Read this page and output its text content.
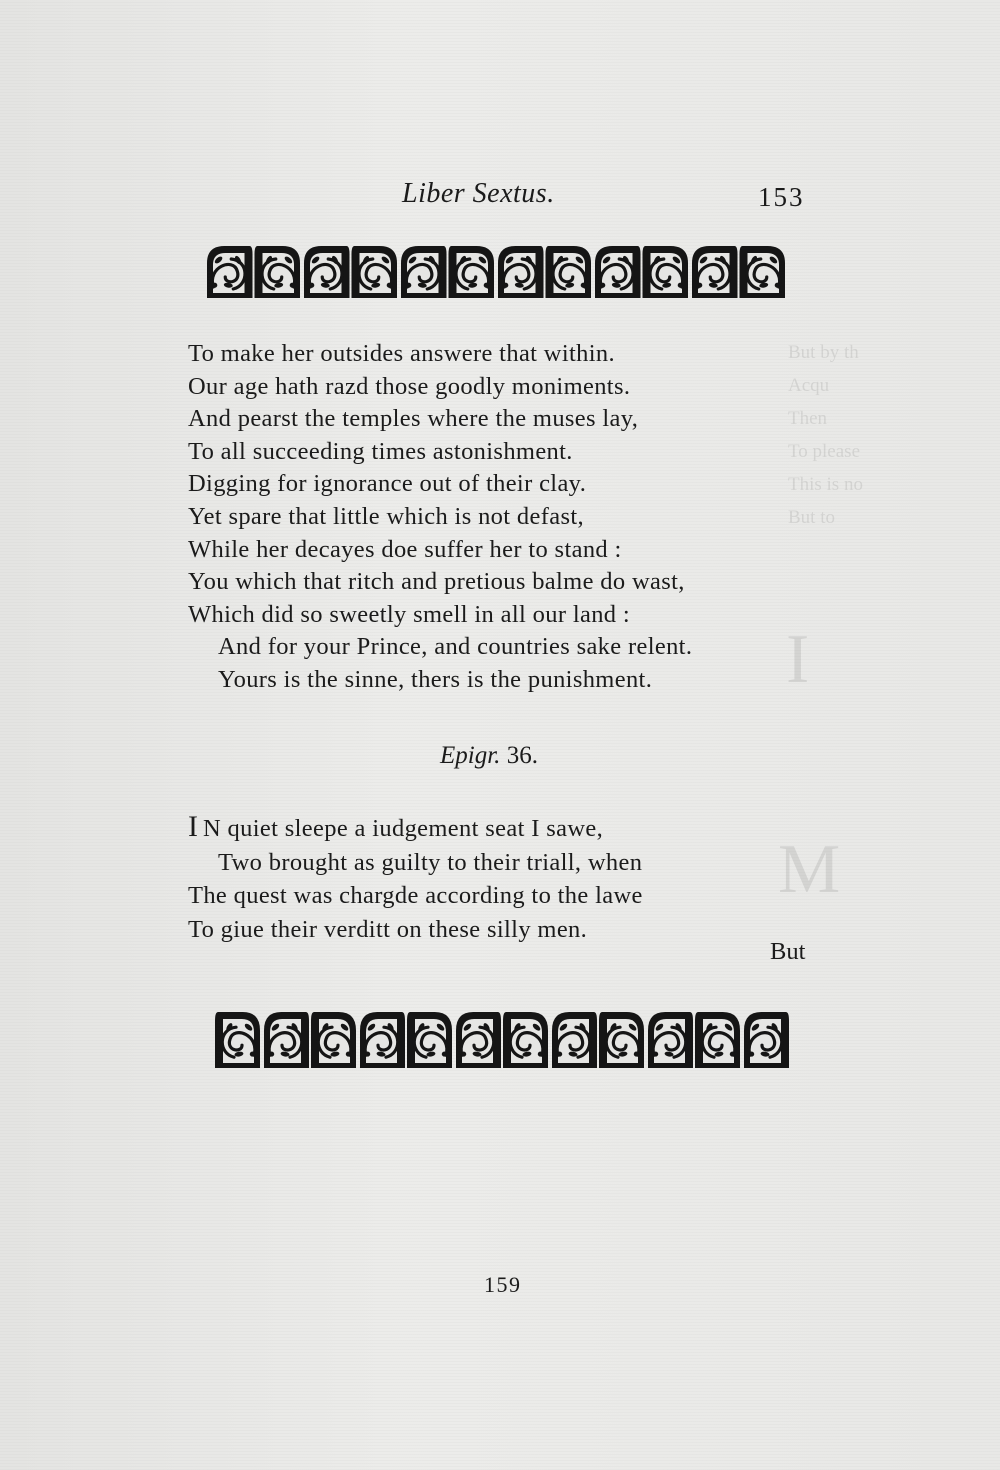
But by th
Acqu
Then
To please
This is no
But to
I
M
Liber Sextus.	153
To make her outsides answere that within.
Our age hath razd those goodly moniments.
And pearst the temples where the muses lay,
To all succeeding times astonishment.
Digging for ignorance out of their clay.
Yet spare that little which is not defast,
While her decayes doe suffer her to stand :
You which that ritch and pretious balme do wast,
Which did so sweetly smell in all our land :
And for your Prince, and countries sake relent.
Yours is the sinne, thers is the punishment.
Epigr. 36.
I N quiet sleepe a iudgement seat I sawe,
Two brought as guilty to their triall, when
The quest was chargde according to the lawe
To giue their verditt on these silly men.
But
159
